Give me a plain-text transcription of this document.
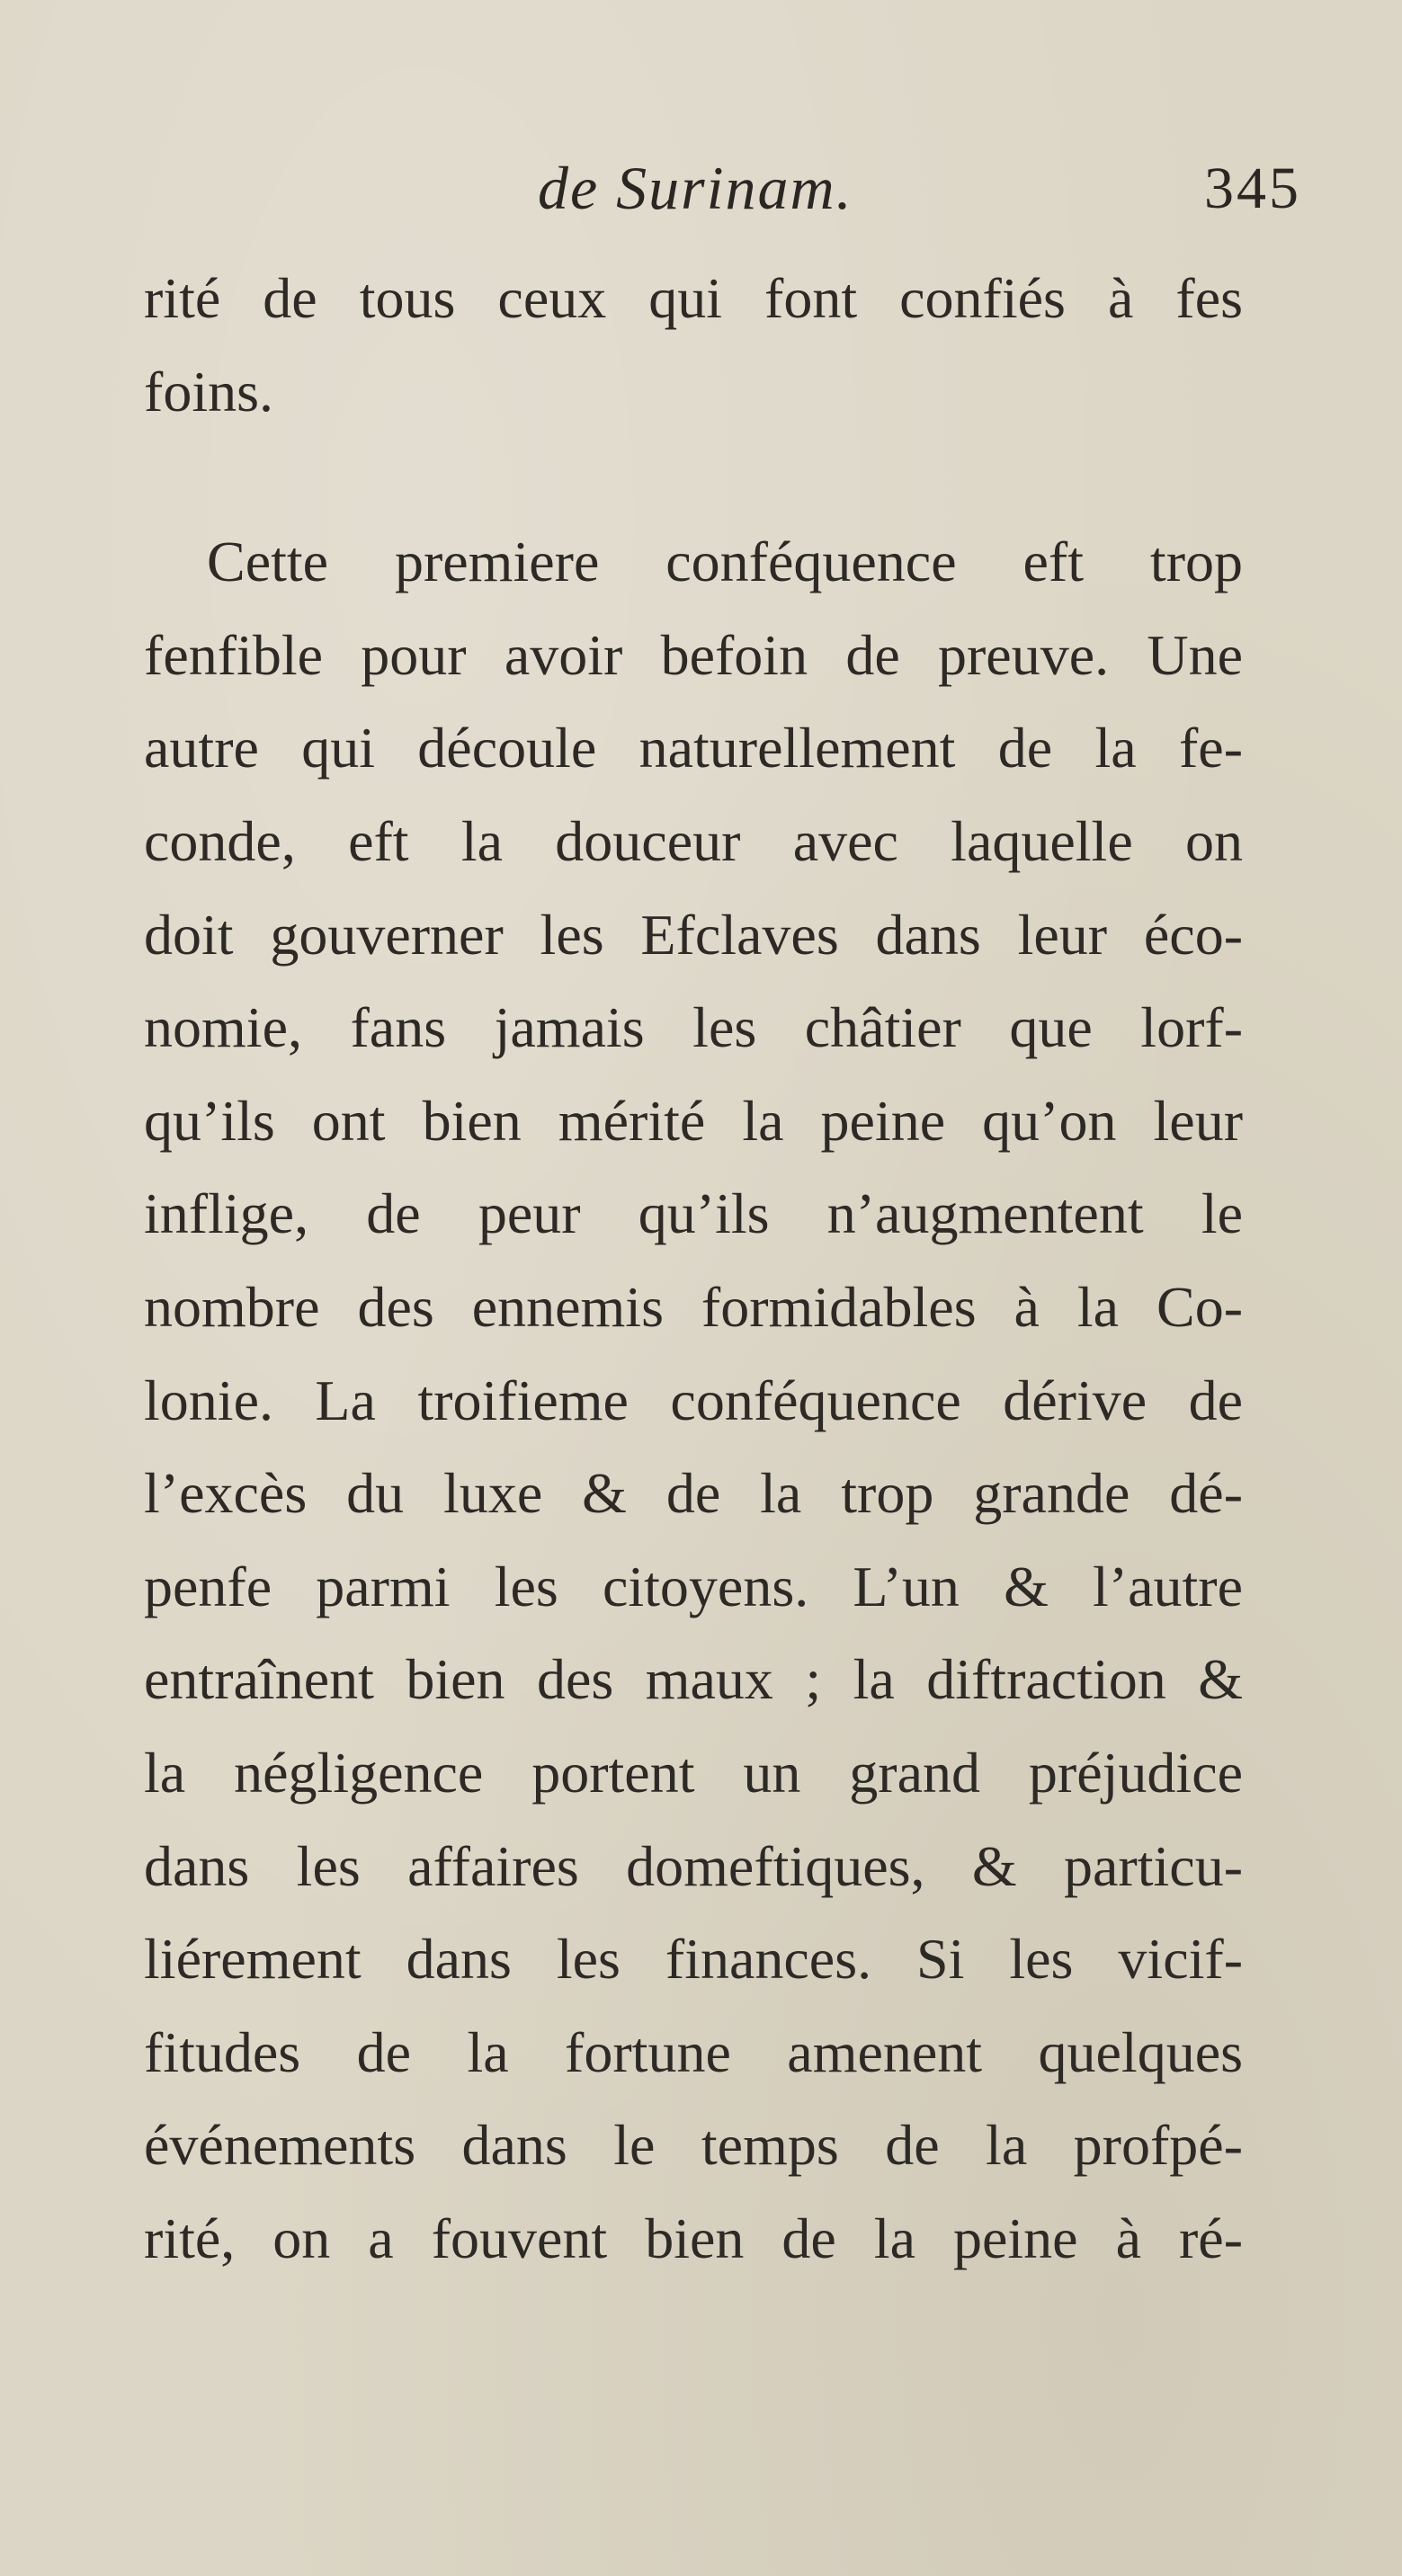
de Surinam.	345
rité de tous ceux qui font confiés à fes
foins.
Cette premiere conféquence eft trop
fenfible pour avoir befoin de preuve. Une
autre qui découle naturellement de la fe-
conde, eft la douceur avec laquelle on
doit gouverner les Efclaves dans leur éco-
nomie, fans jamais les châtier que lorf-
qu’ils ont bien mérité la peine qu’on leur
inflige, de peur qu’ils n’augmentent le
nombre des ennemis formidables à la Co-
lonie. La troifieme conféquence dérive de
l’excès du luxe & de la trop grande dé-
penfe parmi les citoyens. L’un & l’autre
entraînent bien des maux ; la diftraction &
la négligence portent un grand préjudice
dans les affaires domeftiques, & particu-
liérement dans les finances. Si les vicif-
fitudes de la fortune amenent quelques
événements dans le temps de la profpé-
rité, on a fouvent bien de la peine à ré-
